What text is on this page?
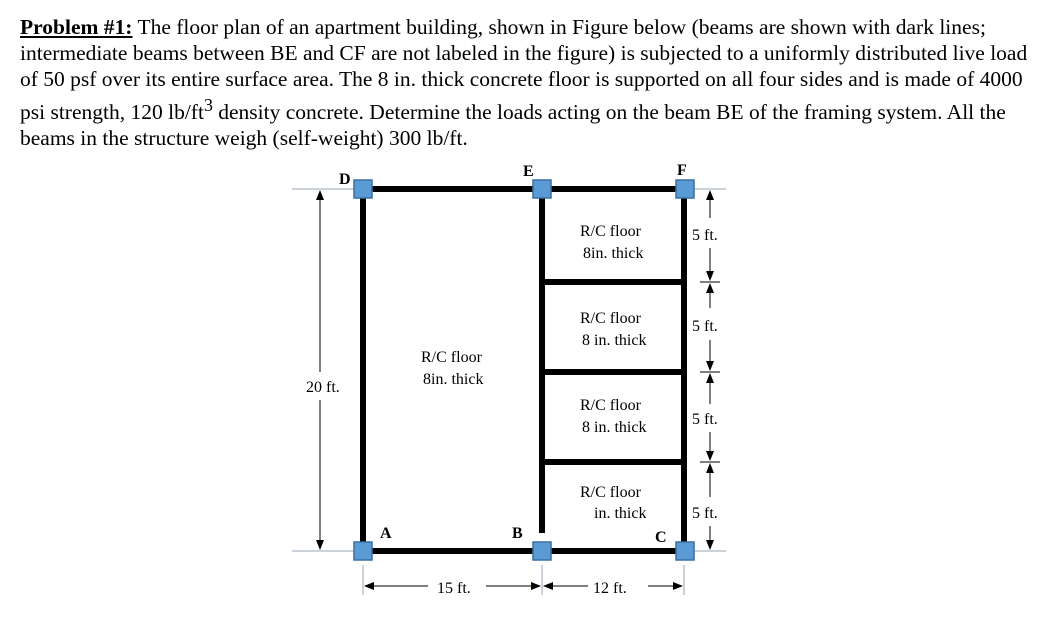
Problem #1: The floor plan of an apartment building, shown in Figure below (beams are shown with dark lines; intermediate beams between BE and CF are not labeled in the figure) is subjected to a uniformly distributed live load of 50 psf over its entire surface area. The 8 in. thick concrete floor is supported on all four sides and is made of 4000 psi strength, 120 $lb/ft^3$ density concrete. Determine the loads acting on the beam BE of the framing system. All the beams in the structure weigh (self-weight) 300 lb/ft.

D	E	F
A	B	C
R/C floor
8in. thick
R/C floor
8in. thick
R/C floor
8 in. thick
R/C floor
8 in. thick
R/C floor
in. thick
20 ft.
15 ft.	12 ft.
5 ft.
5 ft.
5 ft.
5 ft.
